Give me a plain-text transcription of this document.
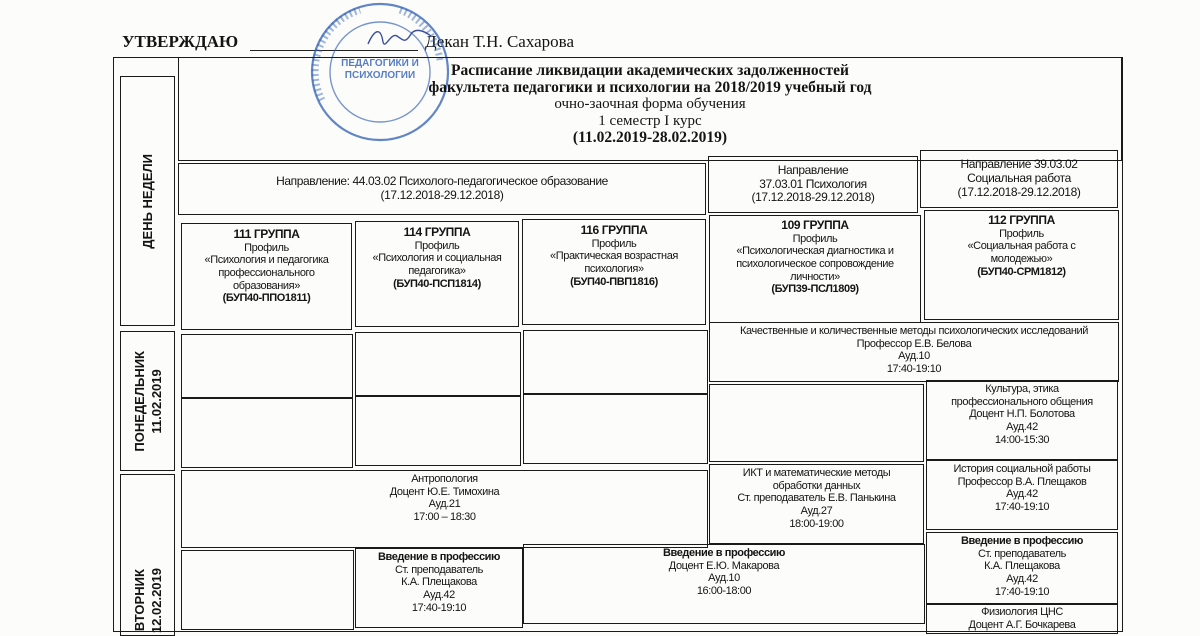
УТВЕРЖДАЮ	Декан Т.Н. Сахарова
ПЕДАГОГИКИ И
ПСИХОЛОГИИ
ДЕНЬ НЕДЕЛИ
ПОНЕДЕЛЬНИК 11.02.2019
ВТОРНИК 12.02.2019
Расписание ликвидации академических задолженностей
факультета педагогики и психологии на 2018/2019 учебный год
очно-заочная форма обучения
1 семестр I курс
(11.02.2019-28.02.2019)
Направление: 44.03.02 Психолого-педагогическое образование
(17.12.2018-29.12.2018)
Направление
37.03.01 Психология
(17.12.2018-29.12.2018)
Направление 39.03.02
Социальная работа
(17.12.2018-29.12.2018)
111 ГРУППА
Профиль
«Психология и педагогика
профессионального
образования»
(БУП40-ППО1811)
114 ГРУППА
Профиль
«Психология и социальная
педагогика»
(БУП40-ПСП1814)
116 ГРУППА
Профиль
«Практическая возрастная
психология»
(БУП40-ПВП1816)
109 ГРУППА
Профиль
«Психологическая диагностика и
психологическое сопровождение
личности»
(БУП39-ПСЛ1809)
112 ГРУППА
Профиль
«Социальная работа с
молодежью»
(БУП40-СРМ1812)
Качественные и количественные методы психологических исследований
Профессор Е.В. Белова
Ауд.10
17:40-19:10
Культура, этика
профессионального общения
Доцент Н.П. Болотова
Ауд.42
14:00-15:30
Антропология
Доцент Ю.Е. Тимохина
Ауд.21
17:00 – 18:30
ИКТ и математические методы
обработки данных
Ст. преподаватель Е.В. Панькина
Ауд.27
18:00-19:00
История социальной работы
Профессор В.А. Плещаков
Ауд.42
17:40-19:10
Введение в профессию
Ст. преподаватель
К.А. Плещакова
Ауд.42
17:40-19:10
Введение в профессию
Доцент Е.Ю. Макарова
Ауд.10
16:00-18:00
Введение в профессию
Ст. преподаватель
К.А. Плещакова
Ауд.42
17:40-19:10
Физиология ЦНС
Доцент А.Г. Бочкарева
